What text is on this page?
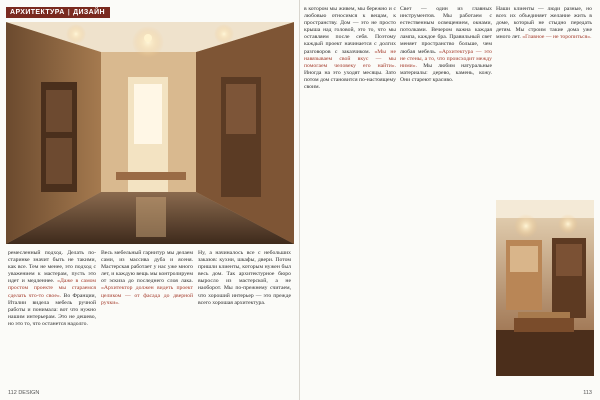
АРХИТЕКТУРА | ДИЗАЙН

ремесленный подход. Делать по-старинке значит быть не такими, как все. Тем не менее, это подход с уважением к мастерам, пусть это идет и медленнее. «Даже в самом простом проекте мы стараемся сделать что-то свое». Во Франции, Италии видела мебель ручной работы и понимала: вот что нужно нашим интерьерам. Это не дешево, но это то, что останется надолго.

Весь мебельный гарнитур мы делаем сами, из массива дуба и ясеня. Мастерская работает у нас уже много лет, и каждую вещь мы контролируем от эскиза до последнего слоя лака. «Архитектор должен видеть проект целиком — от фасада до дверной ручки».

Ну, а начиналось все с небольших заказов: кухни, шкафы, двери. Потом пришли клиенты, которым нужен был весь дом. Так архитектурное бюро выросло из мастерской, а не наоборот. Мы по-прежнему считаем, что хороший интерьер — это прежде всего хорошая архитектура.

112 DESIGN

в котором мы живем, мы бережно и с любовью относимся к вещам, к пространству. Дом — это не просто крыша над головой, это то, что мы оставляем после себя. Поэтому каждый проект начинается с долгих разговоров с заказчиком. «Мы не навязываем свой вкус — мы помогаем человеку его найти». Иногда на это уходят месяцы. Зато потом дом становится по-настоящему своим.

Свет — один из главных инструментов. Мы работаем с естественным освещением, окнами, потолками. Вечером важна каждая лампа, каждое бра. Правильный свет меняет пространство больше, чем любая мебель. «Архитектура — это не стены, а то, что происходит между ними». Мы любим натуральные материалы: дерево, камень, кожу. Они стареют красиво.

Наши клиенты — люди разные, но всех их объединяет желание жить в доме, который не стыдно передать детям. Мы строим такие дома уже много лет. «Главное — не торопиться».

113
